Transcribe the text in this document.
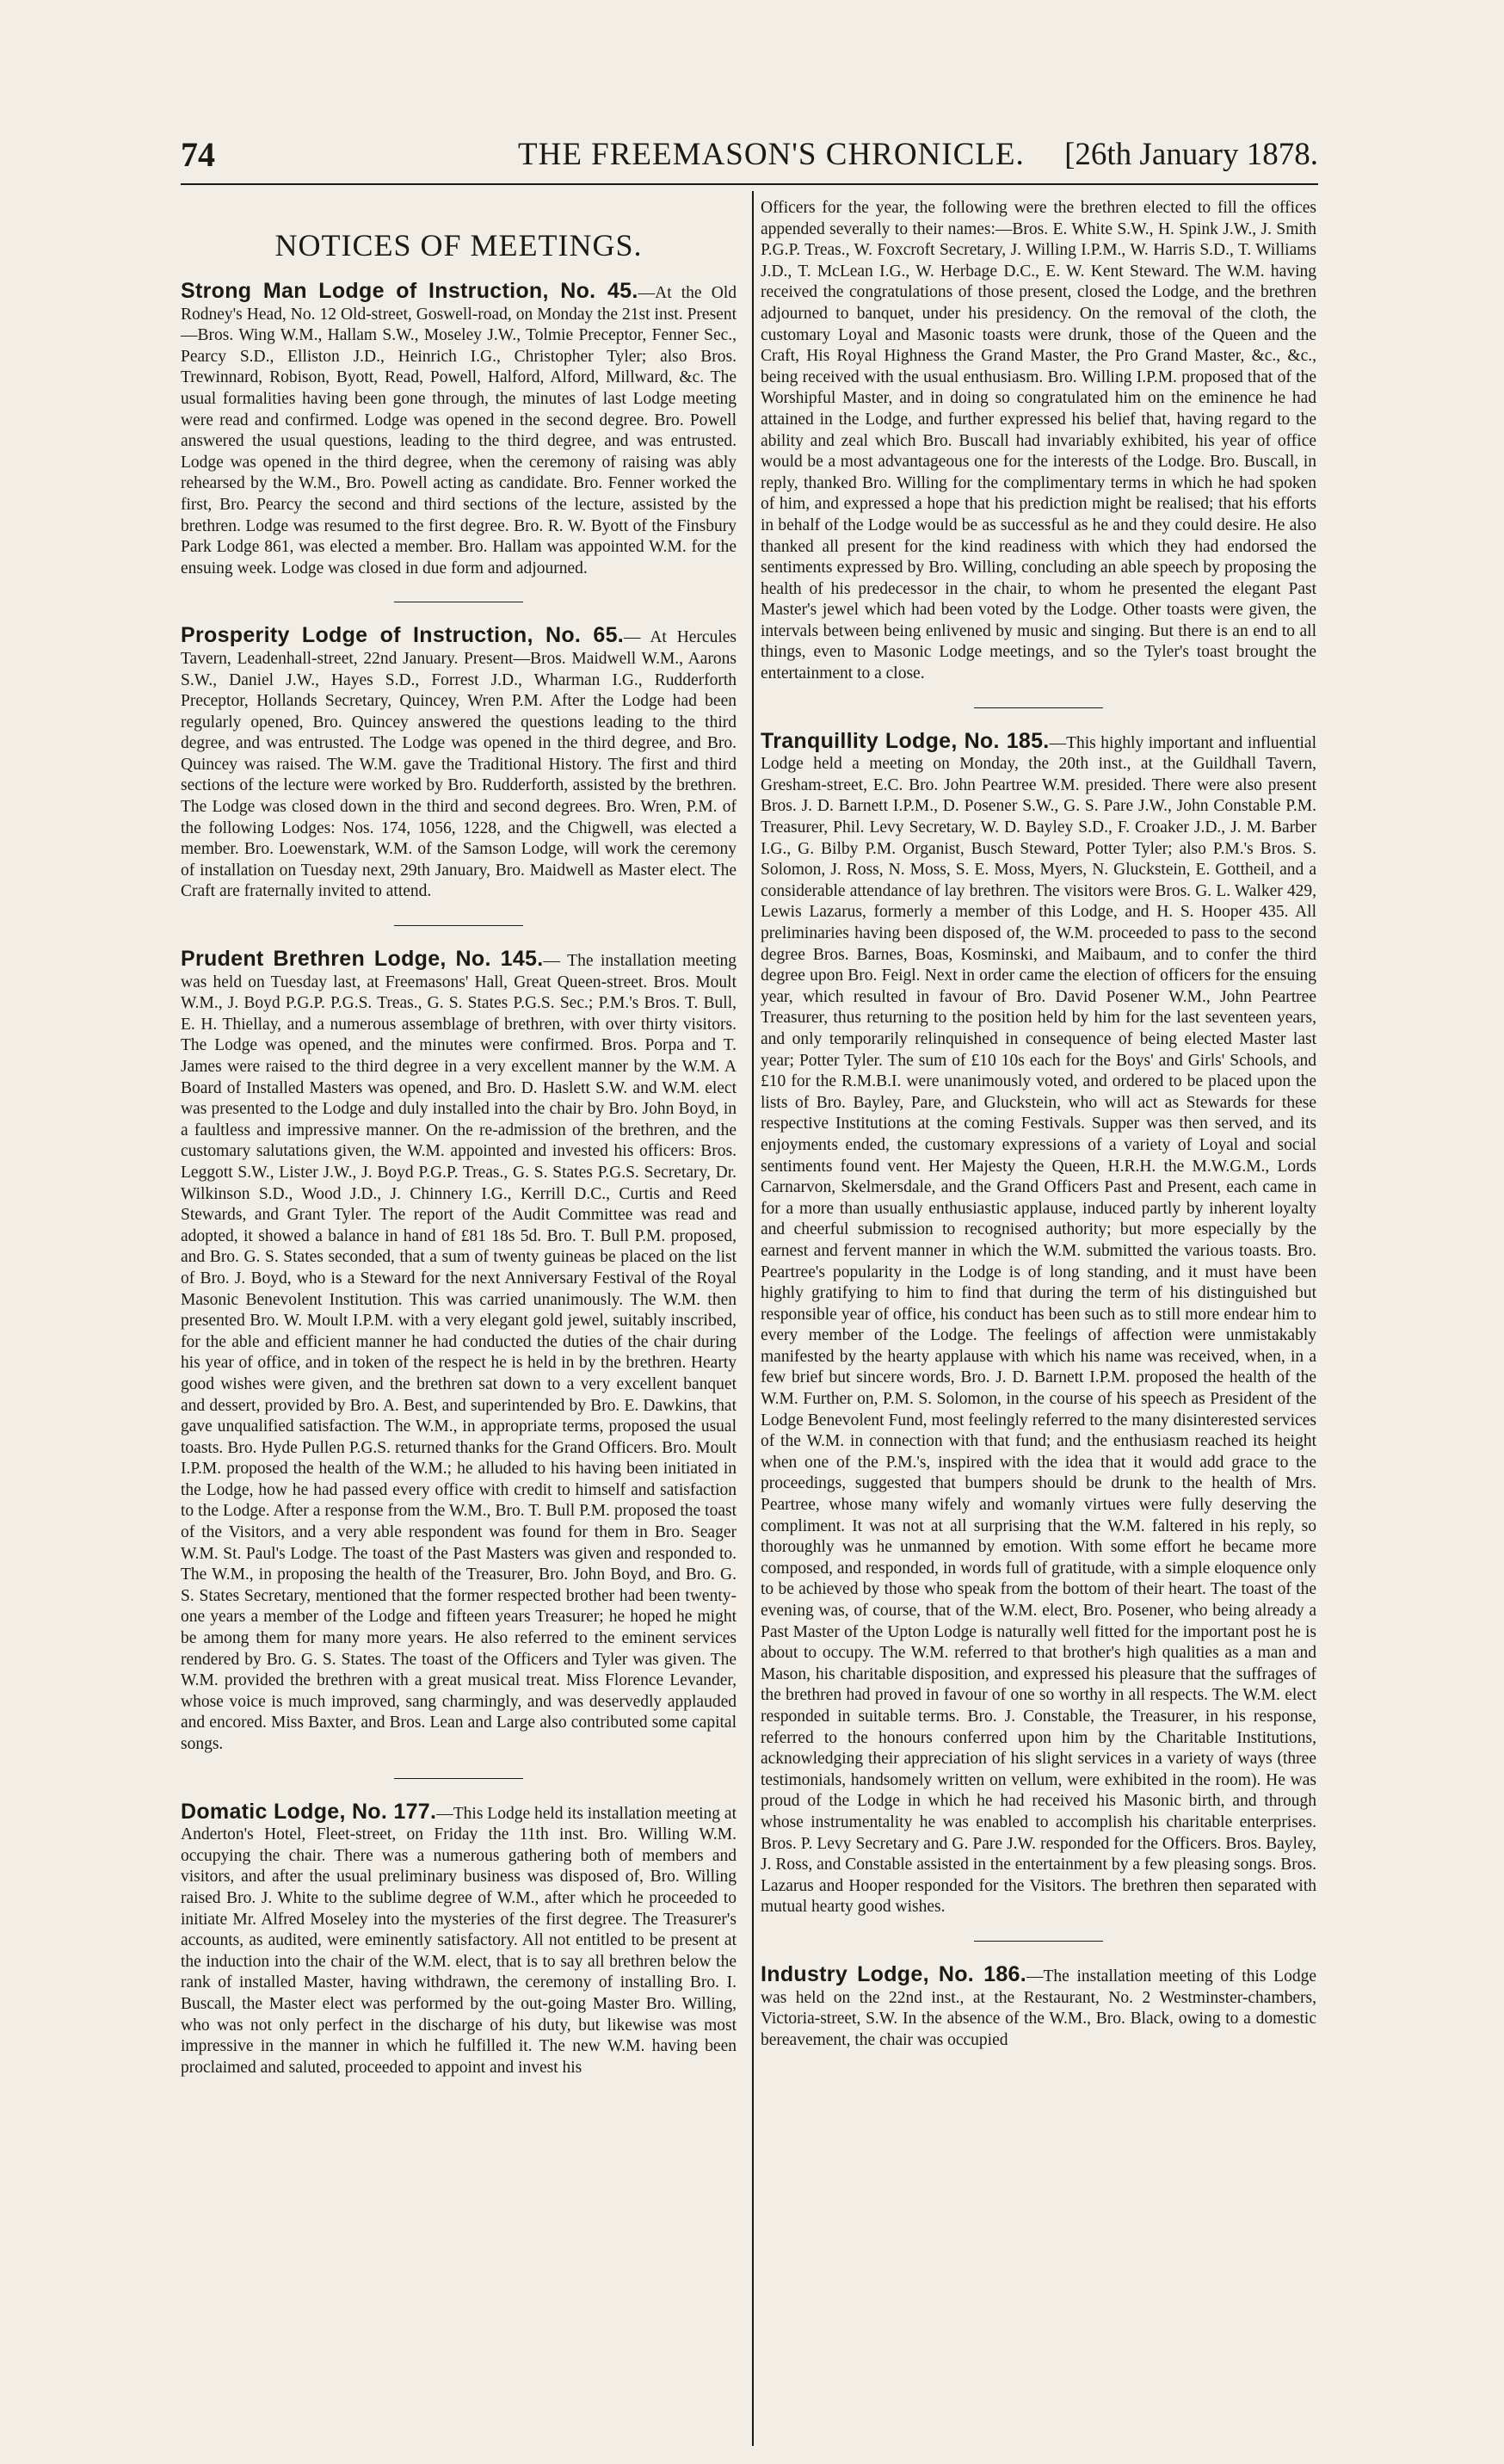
74	THE FREEMASON'S CHRONICLE. [26th January 1878.
NOTICES OF MEETINGS.
Strong Man Lodge of Instruction, No. 45.—At the Old Rodney's Head, No. 12 Old-street, Goswell-road, on Monday the 21st inst. Present—Bros. Wing W.M., Hallam S.W., Moseley J.W., Tolmie Preceptor, Fenner Sec., Pearcy S.D., Elliston J.D., Heinrich I.G., Christopher Tyler; also Bros. Trewinnard, Robison, Byott, Read, Powell, Halford, Alford, Millward, &c. The usual formalities having been gone through, the minutes of last Lodge meeting were read and confirmed. Lodge was opened in the second degree. Bro. Powell answered the usual questions, leading to the third degree, and was entrusted. Lodge was opened in the third degree, when the ceremony of raising was ably rehearsed by the W.M., Bro. Powell acting as candidate. Bro. Fenner worked the first, Bro. Pearcy the second and third sections of the lecture, assisted by the brethren. Lodge was resumed to the first degree. Bro. R. W. Byott of the Finsbury Park Lodge 861, was elected a member. Bro. Hallam was appointed W.M. for the ensuing week. Lodge was closed in due form and adjourned.
Prosperity Lodge of Instruction, No. 65.— At Hercules Tavern, Leadenhall-street, 22nd January. Present—Bros. Maidwell W.M., Aarons S.W., Daniel J.W., Hayes S.D., Forrest J.D., Wharman I.G., Rudderforth Preceptor, Hollands Secretary, Quincey, Wren P.M. After the Lodge had been regularly opened, Bro. Quincey answered the questions leading to the third degree, and was entrusted. The Lodge was opened in the third degree, and Bro. Quincey was raised. The W.M. gave the Traditional History. The first and third sections of the lecture were worked by Bro. Rudderforth, assisted by the brethren. The Lodge was closed down in the third and second degrees. Bro. Wren, P.M. of the following Lodges: Nos. 174, 1056, 1228, and the Chigwell, was elected a member. Bro. Loewenstark, W.M. of the Samson Lodge, will work the ceremony of installation on Tuesday next, 29th January, Bro. Maidwell as Master elect. The Craft are fraternally invited to attend.
Prudent Brethren Lodge, No. 145.— The installation meeting was held on Tuesday last, at Freemasons' Hall, Great Queen-street. Bros. Moult W.M., J. Boyd P.G.P. P.G.S. Treas., G. S. States P.G.S. Sec.; P.M.'s Bros. T. Bull, E. H. Thiellay, and a numerous assemblage of brethren, with over thirty visitors. The Lodge was opened, and the minutes were confirmed. Bros. Porpa and T. James were raised to the third degree in a very excellent manner by the W.M. A Board of Installed Masters was opened, and Bro. D. Haslett S.W. and W.M. elect was presented to the Lodge and duly installed into the chair by Bro. John Boyd, in a faultless and impressive manner. On the re-admission of the brethren, and the customary salutations given, the W.M. appointed and invested his officers: Bros. Leggott S.W., Lister J.W., J. Boyd P.G.P. Treas., G. S. States P.G.S. Secretary, Dr. Wilkinson S.D., Wood J.D., J. Chinnery I.G., Kerrill D.C., Curtis and Reed Stewards, and Grant Tyler. The report of the Audit Committee was read and adopted, it showed a balance in hand of £81 18s 5d. Bro. T. Bull P.M. proposed, and Bro. G. S. States seconded, that a sum of twenty guineas be placed on the list of Bro. J. Boyd, who is a Steward for the next Anniversary Festival of the Royal Masonic Benevolent Institution. This was carried unanimously. The W.M. then presented Bro. W. Moult I.P.M. with a very elegant gold jewel, suitably inscribed, for the able and efficient manner he had conducted the duties of the chair during his year of office, and in token of the respect he is held in by the brethren. Hearty good wishes were given, and the brethren sat down to a very excellent banquet and dessert, provided by Bro. A. Best, and superintended by Bro. E. Dawkins, that gave unqualified satisfaction. The W.M., in appropriate terms, proposed the usual toasts. Bro. Hyde Pullen P.G.S. returned thanks for the Grand Officers. Bro. Moult I.P.M. proposed the health of the W.M.; he alluded to his having been initiated in the Lodge, how he had passed every office with credit to himself and satisfaction to the Lodge. After a response from the W.M., Bro. T. Bull P.M. proposed the toast of the Visitors, and a very able respondent was found for them in Bro. Seager W.M. St. Paul's Lodge. The toast of the Past Masters was given and responded to. The W.M., in proposing the health of the Treasurer, Bro. John Boyd, and Bro. G. S. States Secretary, mentioned that the former respected brother had been twenty-one years a member of the Lodge and fifteen years Treasurer; he hoped he might be among them for many more years. He also referred to the eminent services rendered by Bro. G. S. States. The toast of the Officers and Tyler was given. The W.M. provided the brethren with a great musical treat. Miss Florence Levander, whose voice is much improved, sang charmingly, and was deservedly applauded and encored. Miss Baxter, and Bros. Lean and Large also contributed some capital songs.
Domatic Lodge, No. 177.—This Lodge held its installation meeting at Anderton's Hotel, Fleet-street, on Friday the 11th inst. Bro. Willing W.M. occupying the chair. There was a numerous gathering both of members and visitors, and after the usual preliminary business was disposed of, Bro. Willing raised Bro. J. White to the sublime degree of W.M., after which he proceeded to initiate Mr. Alfred Moseley into the mysteries of the first degree. The Treasurer's accounts, as audited, were eminently satisfactory. All not entitled to be present at the induction into the chair of the W.M. elect, that is to say all brethren below the rank of installed Master, having withdrawn, the ceremony of installing Bro. I. Buscall, the Master elect was performed by the out-going Master Bro. Willing, who was not only perfect in the discharge of his duty, but likewise was most impressive in the manner in which he fulfilled it. The new W.M. having been proclaimed and saluted, proceeded to appoint and invest his
Officers for the year, the following were the brethren elected to fill the offices appended severally to their names:—Bros. E. White S.W., H. Spink J.W., J. Smith P.G.P. Treas., W. Foxcroft Secretary, J. Willing I.P.M., W. Harris S.D., T. Williams J.D., T. McLean I.G., W. Herbage D.C., E. W. Kent Steward. The W.M. having received the congratulations of those present, closed the Lodge, and the brethren adjourned to banquet, under his presidency. On the removal of the cloth, the customary Loyal and Masonic toasts were drunk, those of the Queen and the Craft, His Royal Highness the Grand Master, the Pro Grand Master, &c., &c., being received with the usual enthusiasm. Bro. Willing I.P.M. proposed that of the Worshipful Master, and in doing so congratulated him on the eminence he had attained in the Lodge, and further expressed his belief that, having regard to the ability and zeal which Bro. Buscall had invariably exhibited, his year of office would be a most advantageous one for the interests of the Lodge. Bro. Buscall, in reply, thanked Bro. Willing for the complimentary terms in which he had spoken of him, and expressed a hope that his prediction might be realised; that his efforts in behalf of the Lodge would be as successful as he and they could desire. He also thanked all present for the kind readiness with which they had endorsed the sentiments expressed by Bro. Willing, concluding an able speech by proposing the health of his predecessor in the chair, to whom he presented the elegant Past Master's jewel which had been voted by the Lodge. Other toasts were given, the intervals between being enlivened by music and singing. But there is an end to all things, even to Masonic Lodge meetings, and so the Tyler's toast brought the entertainment to a close.
Tranquillity Lodge, No. 185.—This highly important and influential Lodge held a meeting on Monday, the 20th inst., at the Guildhall Tavern, Gresham-street, E.C. Bro. John Peartree W.M. presided. There were also present Bros. J. D. Barnett I.P.M., D. Posener S.W., G. S. Pare J.W., John Constable P.M. Treasurer, Phil. Levy Secretary, W. D. Bayley S.D., F. Croaker J.D., J. M. Barber I.G., G. Bilby P.M. Organist, Busch Steward, Potter Tyler; also P.M.'s Bros. S. Solomon, J. Ross, N. Moss, S. E. Moss, Myers, N. Gluckstein, E. Gottheil, and a considerable attendance of lay brethren. The visitors were Bros. G. L. Walker 429, Lewis Lazarus, formerly a member of this Lodge, and H. S. Hooper 435. All preliminaries having been disposed of, the W.M. proceeded to pass to the second degree Bros. Barnes, Boas, Kosminski, and Maibaum, and to confer the third degree upon Bro. Feigl. Next in order came the election of officers for the ensuing year, which resulted in favour of Bro. David Posener W.M., John Peartree Treasurer, thus returning to the position held by him for the last seventeen years, and only temporarily relinquished in consequence of being elected Master last year; Potter Tyler. The sum of £10 10s each for the Boys' and Girls' Schools, and £10 for the R.M.B.I. were unanimously voted, and ordered to be placed upon the lists of Bro. Bayley, Pare, and Gluckstein, who will act as Stewards for these respective Institutions at the coming Festivals. Supper was then served, and its enjoyments ended, the customary expressions of a variety of Loyal and social sentiments found vent. Her Majesty the Queen, H.R.H. the M.W.G.M., Lords Carnarvon, Skelmersdale, and the Grand Officers Past and Present, each came in for a more than usually enthusiastic applause, induced partly by inherent loyalty and cheerful submission to recognised authority; but more especially by the earnest and fervent manner in which the W.M. submitted the various toasts. Bro. Peartree's popularity in the Lodge is of long standing, and it must have been highly gratifying to him to find that during the term of his distinguished but responsible year of office, his conduct has been such as to still more endear him to every member of the Lodge. The feelings of affection were unmistakably manifested by the hearty applause with which his name was received, when, in a few brief but sincere words, Bro. J. D. Barnett I.P.M. proposed the health of the W.M. Further on, P.M. S. Solomon, in the course of his speech as President of the Lodge Benevolent Fund, most feelingly referred to the many disinterested services of the W.M. in connection with that fund; and the enthusiasm reached its height when one of the P.M.'s, inspired with the idea that it would add grace to the proceedings, suggested that bumpers should be drunk to the health of Mrs. Peartree, whose many wifely and womanly virtues were fully deserving the compliment. It was not at all surprising that the W.M. faltered in his reply, so thoroughly was he unmanned by emotion. With some effort he became more composed, and responded, in words full of gratitude, with a simple eloquence only to be achieved by those who speak from the bottom of their heart. The toast of the evening was, of course, that of the W.M. elect, Bro. Posener, who being already a Past Master of the Upton Lodge is naturally well fitted for the important post he is about to occupy. The W.M. referred to that brother's high qualities as a man and Mason, his charitable disposition, and expressed his pleasure that the suffrages of the brethren had proved in favour of one so worthy in all respects. The W.M. elect responded in suitable terms. Bro. J. Constable, the Treasurer, in his response, referred to the honours conferred upon him by the Charitable Institutions, acknowledging their appreciation of his slight services in a variety of ways (three testimonials, handsomely written on vellum, were exhibited in the room). He was proud of the Lodge in which he had received his Masonic birth, and through whose instrumentality he was enabled to accomplish his charitable enterprises. Bros. P. Levy Secretary and G. Pare J.W. responded for the Officers. Bros. Bayley, J. Ross, and Constable assisted in the entertainment by a few pleasing songs. Bros. Lazarus and Hooper responded for the Visitors. The brethren then separated with mutual hearty good wishes.
Industry Lodge, No. 186.—The installation meeting of this Lodge was held on the 22nd inst., at the Restaurant, No. 2 Westminster-chambers, Victoria-street, S.W. In the absence of the W.M., Bro. Black, owing to a domestic bereavement, the chair was occupied
